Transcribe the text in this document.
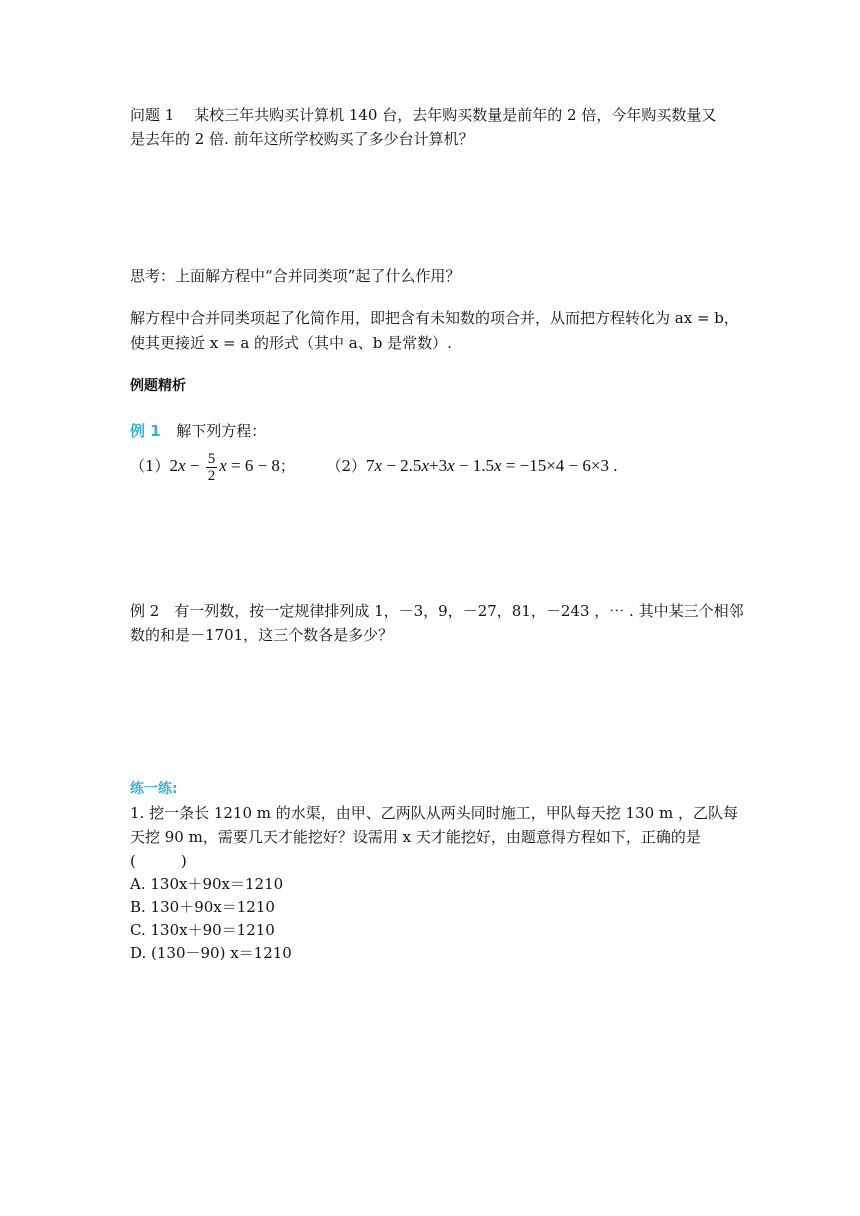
问题 1　 某校三年共购买计算机 140 台，去年购买数量是前年的 2 倍，今年购买数量又
是去年的 2 倍. 前年这所学校购买了多少台计算机？
思考：上面解方程中“合并同类项”起了什么作用？
解方程中合并同类项起了化简作用，即把含有未知数的项合并，从而把方程转化为 ax = b，
使其更接近 x = a 的形式（其中 a、b 是常数）.
例题精析
例 1 解下列方程：
$(1)2x - \frac{5}{2}$ x = 6 − 8； （2）7x − 2.5x+3x − 1.5x = −15×4 − 6×3 .
例 2　有一列数，按一定规律排列成 1，－3，9，－27，81，－243 ，⋯ . 其中某三个相邻
数的和是－1701，这三个数各是多少？
练一练:
1. 挖一条长 1210 m 的水渠，由甲、乙两队从两头同时施工，甲队每天挖 130 m ，乙队每
天挖 90 m，需要几天才能挖好？设需用 x 天才能挖好，由题意得方程如下，正确的是
(　　　)
A. 130x＋90x＝1210
B. 130＋90x＝1210
C. 130x＋90＝1210
D. (130－90) x＝1210
